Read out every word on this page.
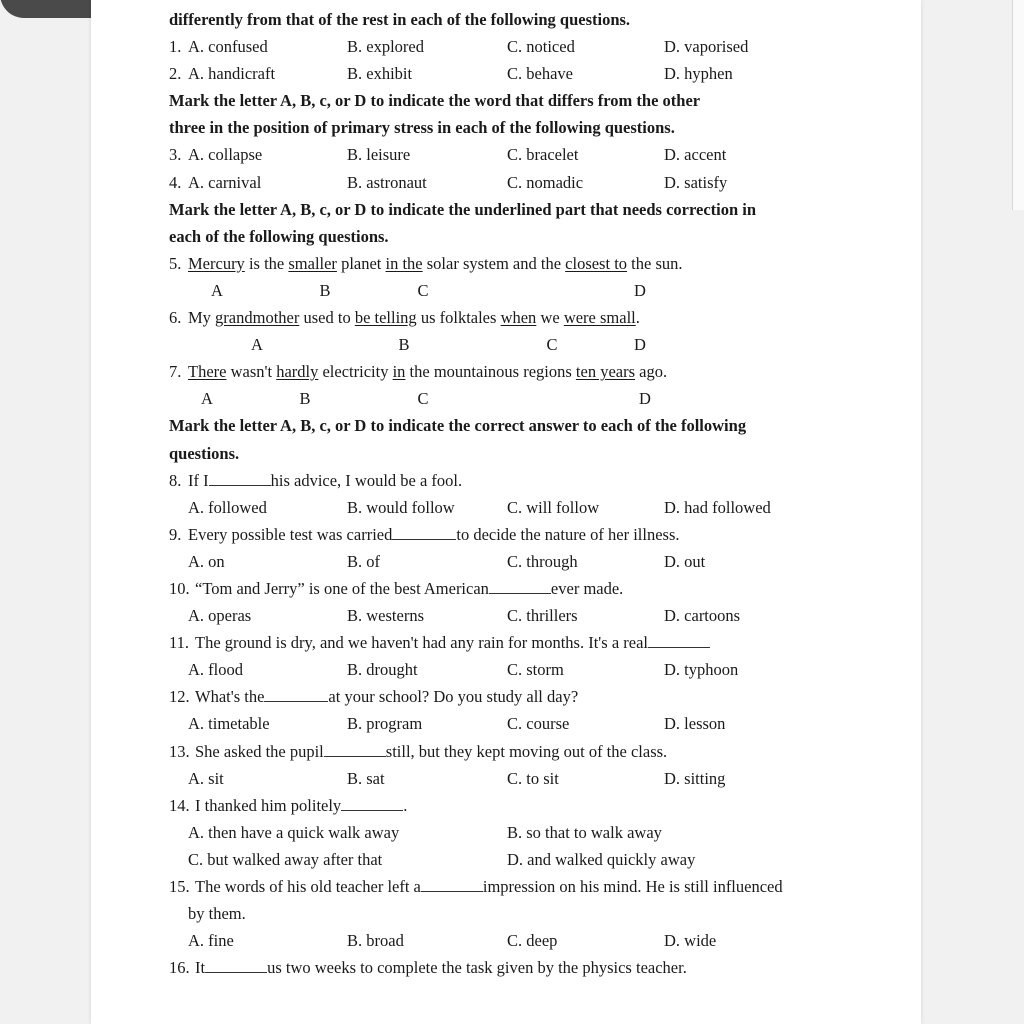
differently from that of the rest in each of the following questions.
1. A. confused	B. explored	C. noticed	D. vaporised
2. A. handicraft	B. exhibit	C. behave	D. hyphen
Mark the letter A, B, c, or D to indicate the word that differs from the other
three in the position of primary stress in each of the following questions.
3. A. collapse	B. leisure	C. bracelet	D. accent
4. A. carnival	B. astronaut	C. nomadic	D. satisfy
Mark the letter A, B, c, or D to indicate the underlined part that needs correction in
each of the following questions.
5. Mercury is the smaller planet in the solar system and the closest to the sun.
A	B	C	D
6. My grandmother used to be telling us folktales when we were small.
A	B	C	D
7. There wasn't hardly electricity in the mountainous regions ten years ago.
A	B	C	D
Mark the letter A, B, c, or D to indicate the correct answer to each of the following
questions.
8. If I	his advice, I would be a fool.
A. followed	B. would follow	C. will follow	D. had followed
9. Every possible test was carried	to decide the nature of her illness.
A. on	B. of	C. through	D. out
10. “Tom and Jerry” is one of the best American	ever made.
A. operas	B. westerns	C. thrillers	D. cartoons
11. The ground is dry, and we haven't had any rain for months. It's a real
A. flood	B. drought	C. storm	D. typhoon
12. What's the	at your school? Do you study all day?
A. timetable	B. program	C. course	D. lesson
13. She asked the pupil	still, but they kept moving out of the class.
A. sit	B. sat	C. to sit	D. sitting
14. I thanked him politely	.
A. then have a quick walk away	B. so that to walk away
C. but walked away after that	D. and walked quickly away
15. The words of his old teacher left a	impression on his mind. He is still influenced
by them.
A. fine	B. broad	C. deep	D. wide
16. It	us two weeks to complete the task given by the physics teacher.
